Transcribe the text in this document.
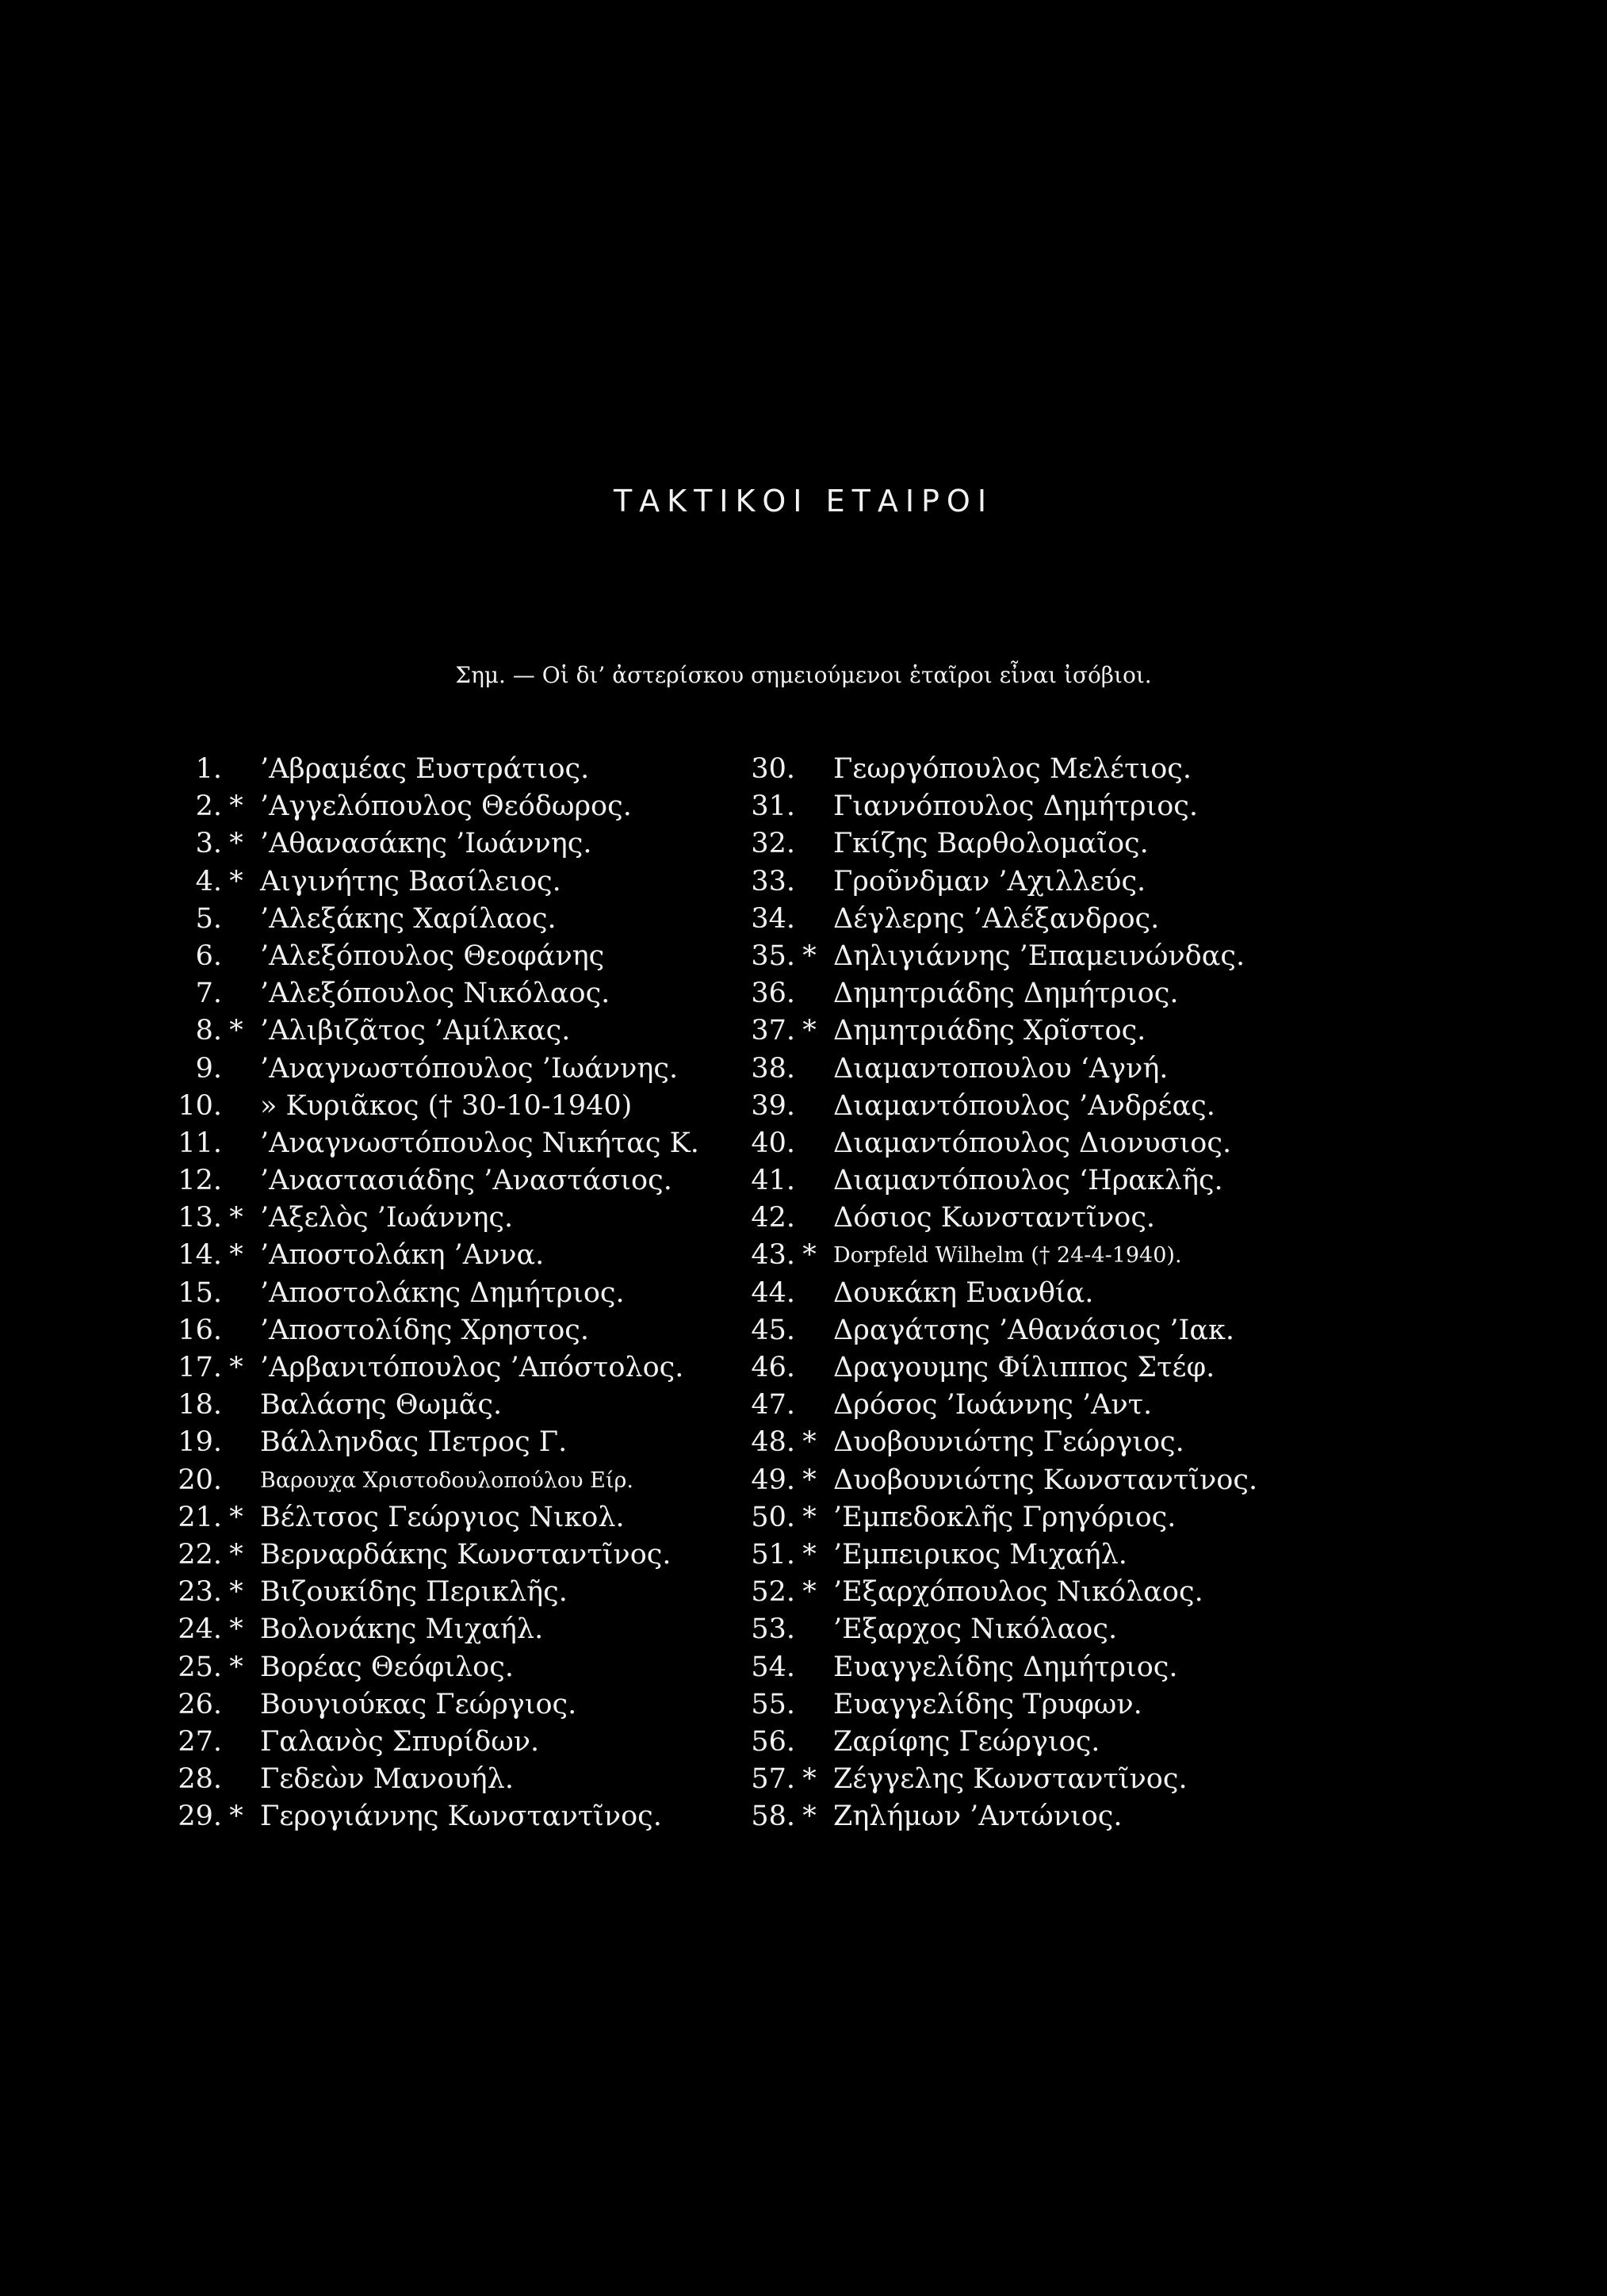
ΤΑΚΤΙΚΟΙ ΕΤΑΙΡΟΙ
Σημ. — Οἱ δι’ ἀστερίσκου σημειούμενοι ἑταῖροι εἶναι ἰσόβιοι.
1. ’Αβραμέας Ευστράτιος.
2. * ’Αγγελόπουλος Θεόδωρος.
3. * ’Αθανασάκης ’Ιωάννης.
4. * Αιγινήτης Βασίλειος.
5. ’Αλεξάκης Χαρίλαος.
6. ’Αλεξόπουλος Θεοφάνης
7. ’Αλεξόπουλος Νικόλαος.
8. * ’Αλιβιζᾶτος ’Αμίλκας.
9. ’Αναγνωστόπουλος ’Ιωάννης.
10. » Κυριᾶκος († 30-10-1940)
11. ’Αναγνωστόπουλος Νικήτας Κ.
12. ’Αναστασιάδης ’Αναστάσιος.
13. * ’Αξελὸς ’Ιωάννης.
14. * ’Αποστολάκη ’Αννα.
15. ’Αποστολάκης Δημήτριος.
16. ’Αποστολίδης Χρηστος.
17. * ’Αρβανιτόπουλος ’Απόστολος.
18. Βαλάσης Θωμᾶς.
19. Βάλληνδας Πετρος Γ.
20. Βαρουχα Χριστοδουλοπούλου Είρ.
21. * Βέλτσος Γεώργιος Νικολ.
22. * Βερναρδάκης Κωνσταντῖνος.
23. * Βιζουκίδης Περικλῆς.
24. * Βολονάκης Μιχαήλ.
25. * Βορέας Θεόφιλος.
26. Βουγιούκας Γεώργιος.
27. Γαλανὸς Σπυρίδων.
28. Γεδεὼν Μανουήλ.
29. * Γερογιάννης Κωνσταντῖνος.
30. Γεωργόπουλος Μελέτιος.
31. Γιαννόπουλος Δημήτριος.
32. Γκίζης Βαρθολομαῖος.
33. Γροῦνδμαν ’Αχιλλεύς.
34. Δέγλερης ’Αλέξανδρος.
35. * Δηλιγιάννης ’Επαμεινώνδας.
36. Δημητριάδης Δημήτριος.
37. * Δημητριάδης Χρῖστος.
38. Διαμαντοπουλου ‘Αγνή.
39. Διαμαντόπουλος ’Ανδρέας.
40. Διαμαντόπουλος Διονυσιος.
41. Διαμαντόπουλος ‘Ηρακλῆς.
42. Δόσιος Κωνσταντῖνος.
43. * Dorpfeld Wilhelm († 24-4-1940).
44. Δουκάκη Ευανθία.
45. Δραγάτσης ’Αθανάσιος ’Ιακ.
46. Δραγουμης Φίλιππος Στέφ.
47. Δρόσος ’Ιωάννης ’Αντ.
48. * Δυοβουνιώτης Γεώργιος.
49. * Δυοβουνιώτης Κωνσταντῖνος.
50. * ’Εμπεδοκλῆς Γρηγόριος.
51. * ’Εμπειρικος Μιχαήλ.
52. * ’Εξαρχόπουλος Νικόλαος.
53. ’Εξαρχος Νικόλαος.
54. Ευαγγελίδης Δημήτριος.
55. Ευαγγελίδης Τρυφων.
56. Ζαρίφης Γεώργιος.
57. * Ζέγγελης Κωνσταντῖνος.
58. * Ζηλήμων ’Αντώνιος.
